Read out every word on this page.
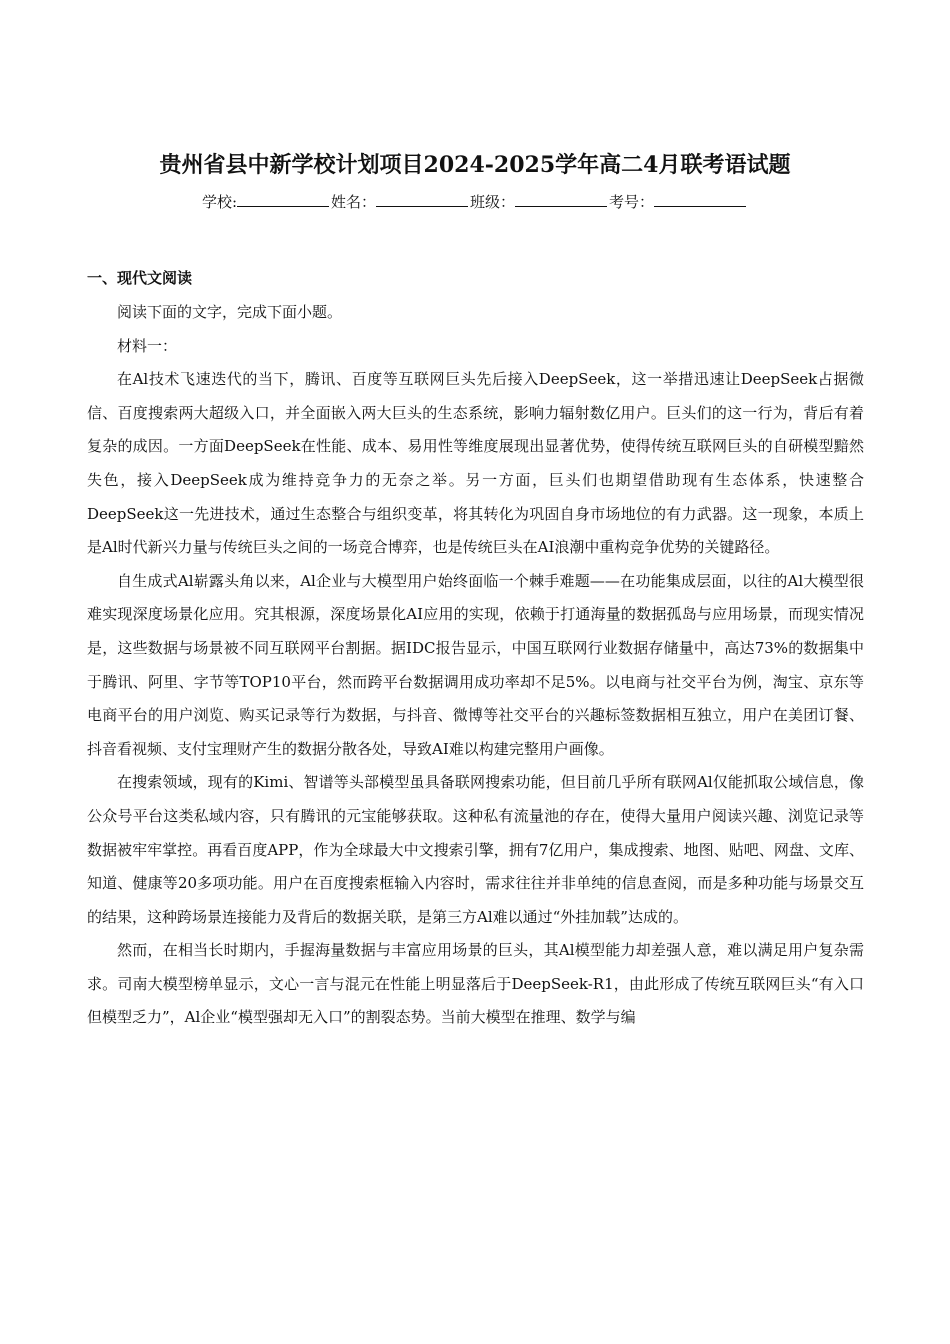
贵州省县中新学校计划项目2024-2025学年高二4月联考语试题
学校:	姓名：	班级：	考号：
一、现代文阅读

阅读下面的文字，完成下面小题。

材料一：

在Al技术飞速迭代的当下，腾讯、百度等互联网巨头先后接入DeepSeek，这一举措迅速让DeepSeek占据微信、百度搜索两大超级入口，并全面嵌入两大巨头的生态系统，影响力辐射数亿用户。巨头们的这一行为，背后有着复杂的成因。一方面DeepSeek在性能、成本、易用性等维度展现出显著优势，使得传统互联网巨头的自研模型黯然失色，接入DeepSeek成为维持竞争力的无奈之举。另一方面，巨头们也期望借助现有生态体系，快速整合DeepSeek这一先进技术，通过生态整合与组织变革，将其转化为巩固自身市场地位的有力武器。这一现象，本质上是Al时代新兴力量与传统巨头之间的一场竞合博弈，也是传统巨头在AI浪潮中重构竞争优势的关键路径。

自生成式Al崭露头角以来，Al企业与大模型用户始终面临一个棘手难题——在功能集成层面，以往的Al大模型很难实现深度场景化应用。究其根源，深度场景化AI应用的实现，依赖于打通海量的数据孤岛与应用场景，而现实情况是，这些数据与场景被不同互联网平台割据。据IDC报告显示，中国互联网行业数据存储量中，高达73%的数据集中于腾讯、阿里、字节等TOP10平台，然而跨平台数据调用成功率却不足5%。以电商与社交平台为例，淘宝、京东等电商平台的用户浏览、购买记录等行为数据，与抖音、微博等社交平台的兴趣标签数据相互独立，用户在美团订餐、抖音看视频、支付宝理财产生的数据分散各处，导致AI难以构建完整用户画像。

在搜索领域，现有的Kimi、智谱等头部模型虽具备联网搜索功能，但目前几乎所有联网Al仅能抓取公域信息，像公众号平台这类私域内容，只有腾讯的元宝能够获取。这种私有流量池的存在，使得大量用户阅读兴趣、浏览记录等数据被牢牢掌控。再看百度APP，作为全球最大中文搜索引擎，拥有7亿用户，集成搜索、地图、贴吧、网盘、文库、知道、健康等20多项功能。用户在百度搜索框输入内容时，需求往往并非单纯的信息查阅，而是多种功能与场景交互的结果，这种跨场景连接能力及背后的数据关联，是第三方Al难以通过“外挂加载”达成的。

然而，在相当长时期内，手握海量数据与丰富应用场景的巨头，其Al模型能力却差强人意，难以满足用户复杂需求。司南大模型榜单显示，文心一言与混元在性能上明显落后于DeepSeek-R1，由此形成了传统互联网巨头“有入口但模型乏力”，Al企业“模型强却无入口”的割裂态势。当前大模型在推理、数学与编
